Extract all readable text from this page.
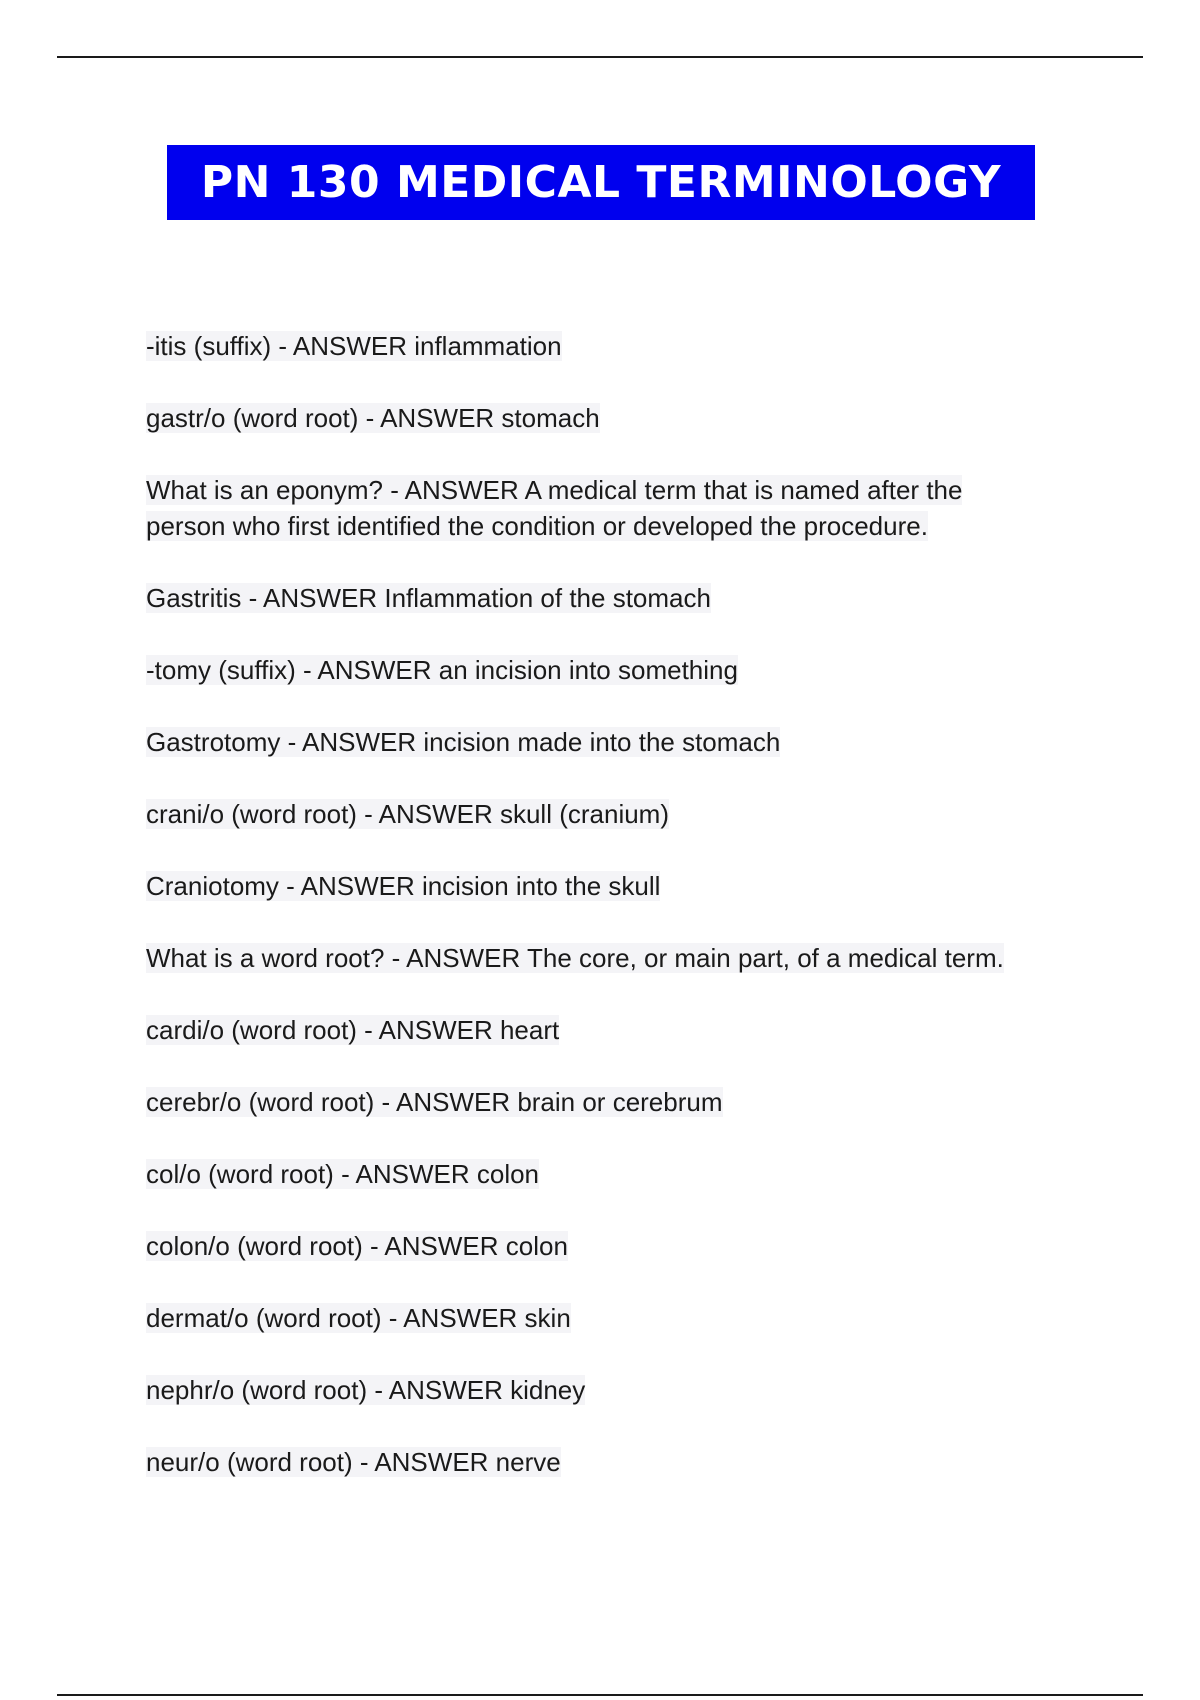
PN 130 MEDICAL TERMINOLOGY
-itis (suffix) - ANSWER inflammation
gastr/o (word root) - ANSWER stomach
What is an eponym? - ANSWER A medical term that is named after the person who first identified the condition or developed the procedure.
Gastritis - ANSWER Inflammation of the stomach
-tomy (suffix) - ANSWER an incision into something
Gastrotomy - ANSWER incision made into the stomach
crani/o (word root) - ANSWER skull (cranium)
Craniotomy - ANSWER incision into the skull
What is a word root? - ANSWER The core, or main part, of a medical term.
cardi/o (word root) - ANSWER heart
cerebr/o (word root) - ANSWER brain or cerebrum
col/o (word root) - ANSWER colon
colon/o (word root) - ANSWER colon
dermat/o (word root) - ANSWER skin
nephr/o (word root) - ANSWER kidney
neur/o (word root) - ANSWER nerve
